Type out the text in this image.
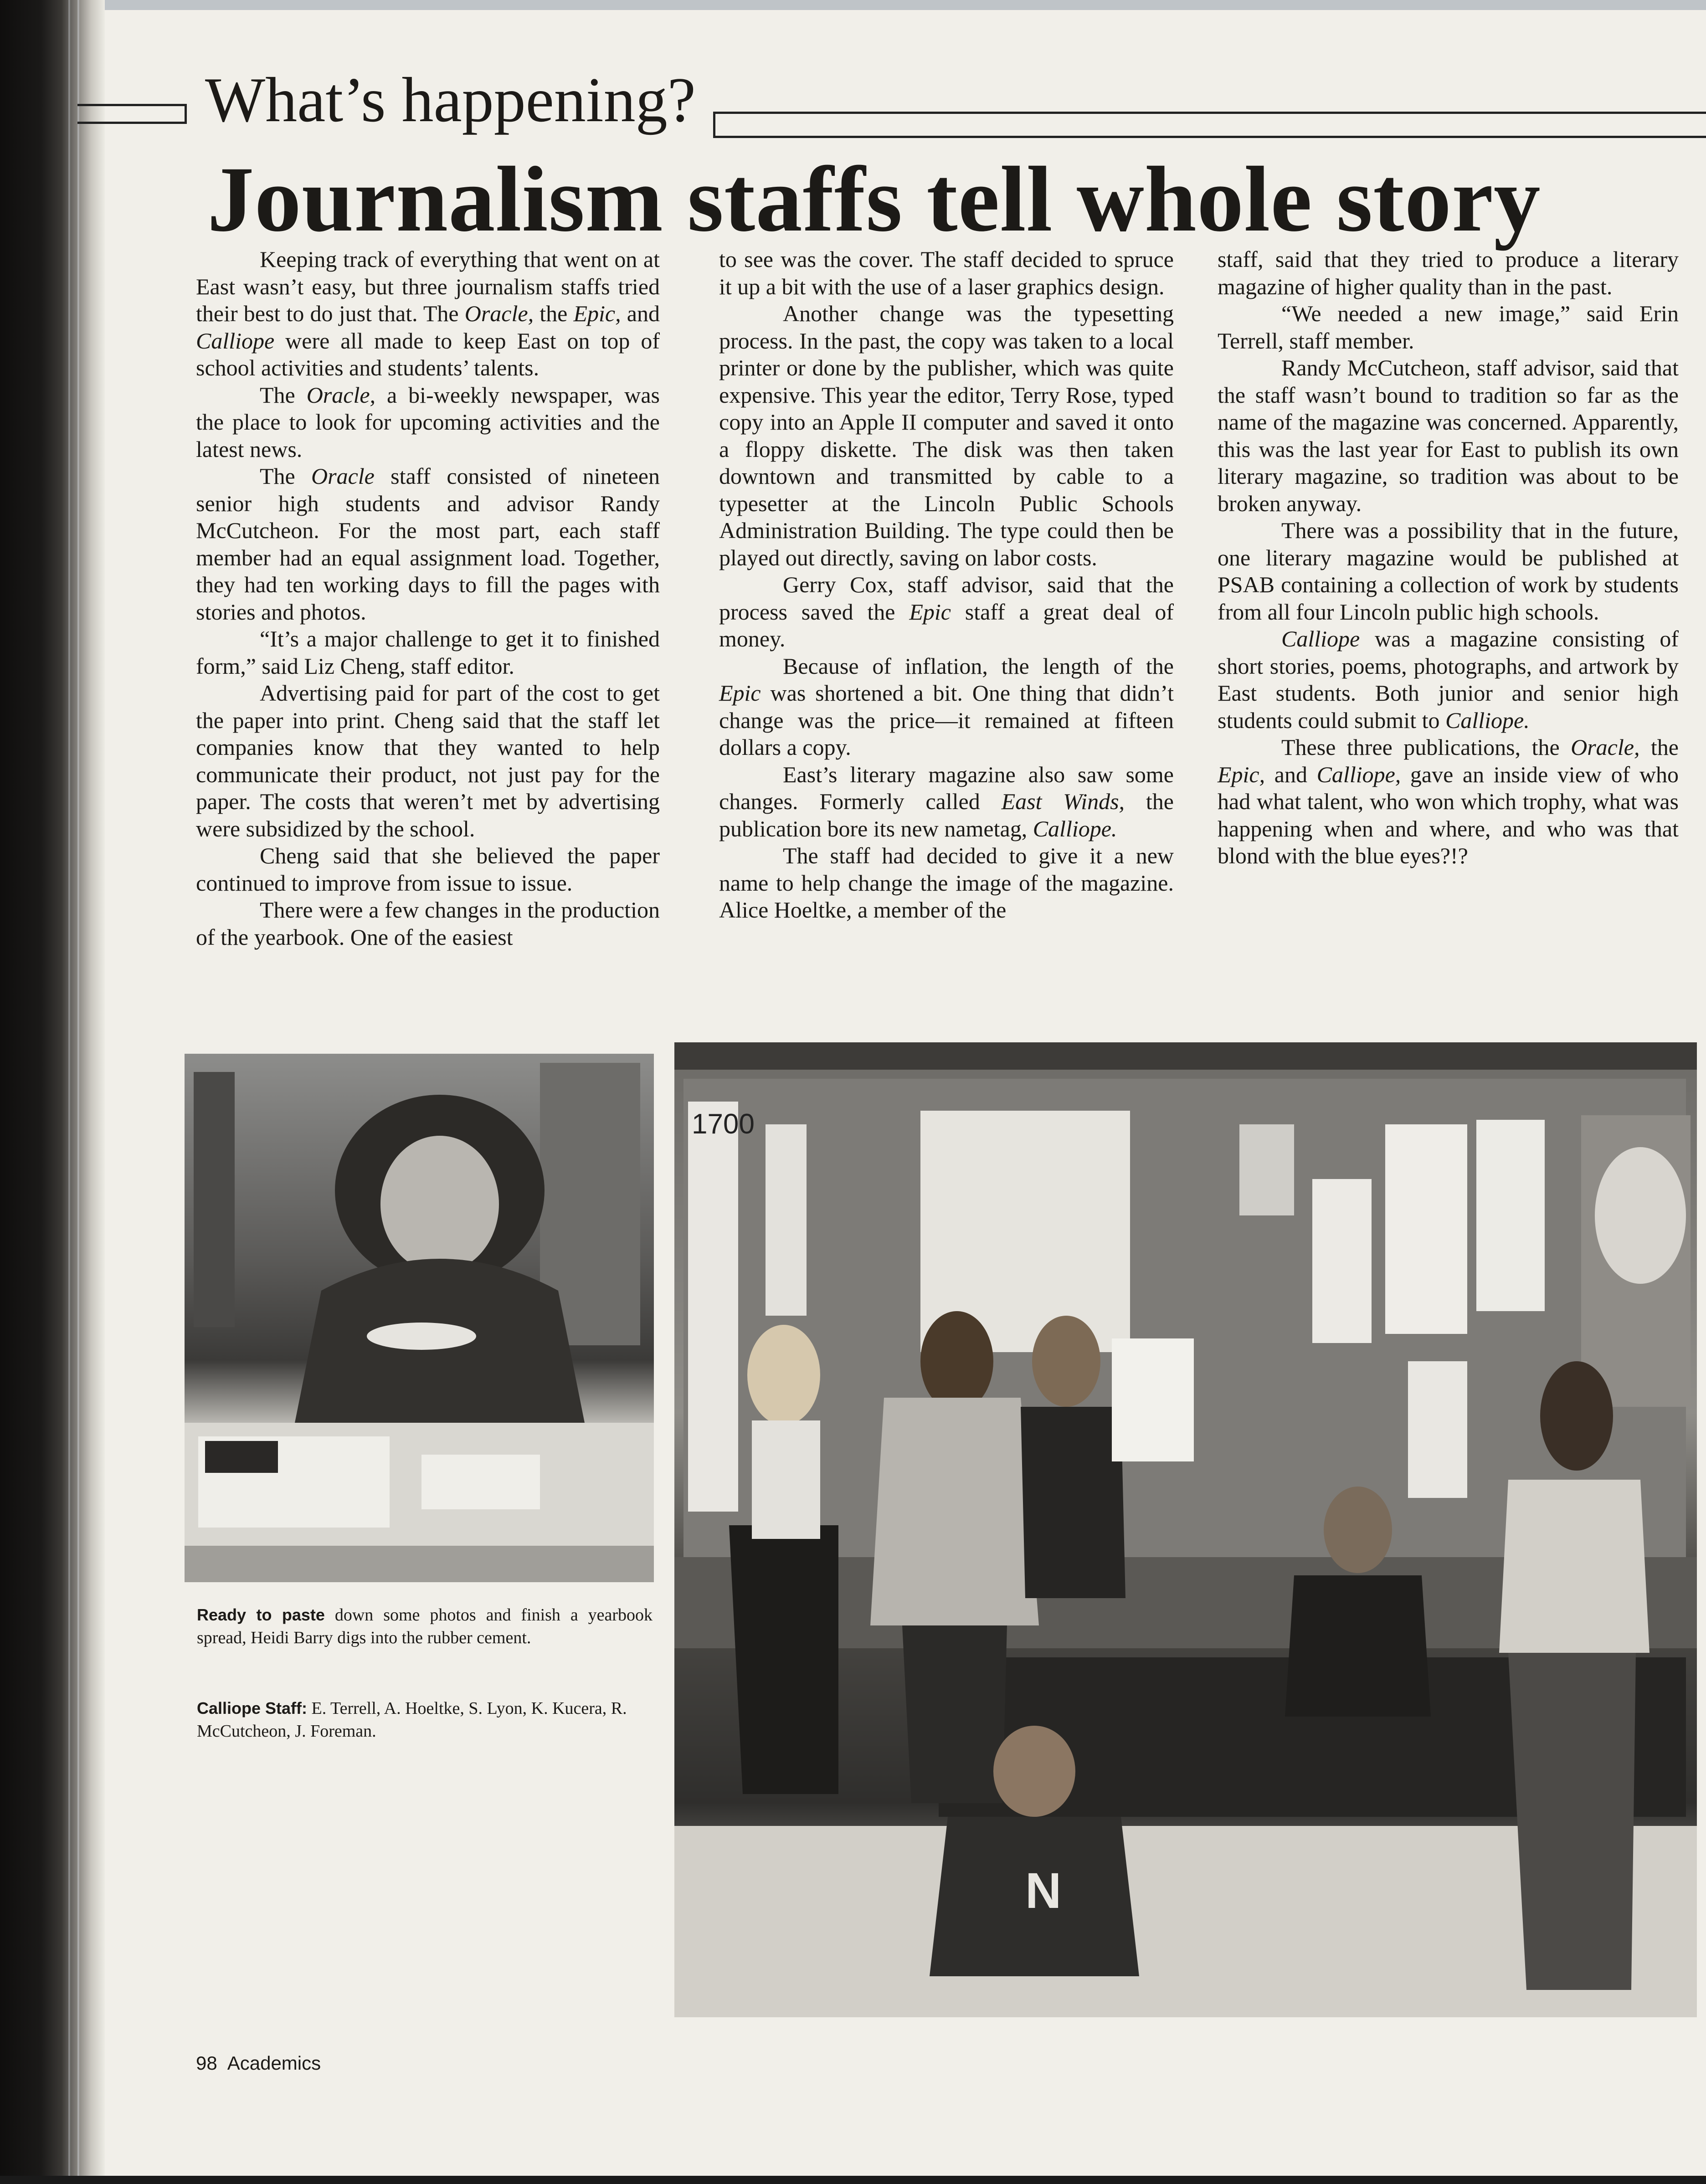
What’s happening?
Journalism staffs tell whole story

Keeping track of everything that went on at East wasn’t easy, but three journalism staffs tried their best to do just that. The Oracle, the Epic, and Calliope were all made to keep East on top of school activities and students’ talents.

The Oracle, a bi-weekly newspaper, was the place to look for upcoming activities and the latest news.

The Oracle staff consisted of nineteen senior high students and advisor Randy McCutcheon. For the most part, each staff member had an equal assignment load. Together, they had ten working days to fill the pages with stories and photos.

“It’s a major challenge to get it to finished form,” said Liz Cheng, staff editor.

Advertising paid for part of the cost to get the paper into print. Cheng said that the staff let companies know that they wanted to help communicate their product, not just pay for the paper. The costs that weren’t met by advertising were subsidized by the school.

Cheng said that she believed the paper continued to improve from issue to issue.

There were a few changes in the production of the yearbook. One of the easiest

to see was the cover. The staff decided to spruce it up a bit with the use of a laser graphics design.

Another change was the typesetting process. In the past, the copy was taken to a local printer or done by the publisher, which was quite expensive. This year the editor, Terry Rose, typed copy into an Apple II computer and saved it onto a floppy diskette. The disk was then taken downtown and transmitted by cable to a typesetter at the Lincoln Public Schools Administration Building. The type could then be played out directly, saving on labor costs.

Gerry Cox, staff advisor, said that the process saved the Epic staff a great deal of money.

Because of inflation, the length of the Epic was shortened a bit. One thing that didn’t change was the price—it remained at fifteen dollars a copy.

East’s literary magazine also saw some changes. Formerly called East Winds, the publication bore its new nametag, Calliope.

The staff had decided to give it a new name to help change the image of the magazine. Alice Hoeltke, a member of the

staff, said that they tried to produce a literary magazine of higher quality than in the past.

“We needed a new image,” said Erin Terrell, staff member.

Randy McCutcheon, staff advisor, said that the staff wasn’t bound to tradition so far as the name of the magazine was concerned. Apparently, this was the last year for East to publish its own literary magazine, so tradition was about to be broken anyway.

There was a possibility that in the future, one literary magazine would be published at PSAB containing a collection of work by students from all four Lincoln public high schools.

Calliope was a magazine consisting of short stories, poems, photographs, and artwork by East students. Both junior and senior high students could submit to Calliope.

These three publications, the Oracle, the Epic, and Calliope, gave an inside view of who had what talent, who won which trophy, what was happening when and where, and who was that blond with the blue eyes?!?

1700
N
Ready to paste down some photos and finish a yearbook spread, Heidi Barry digs into the rubber cement.
Calliope Staff: E. Terrell, A. Hoeltke, S. Lyon, K. Kucera, R. McCutcheon, J. Foreman.
98 Academics
